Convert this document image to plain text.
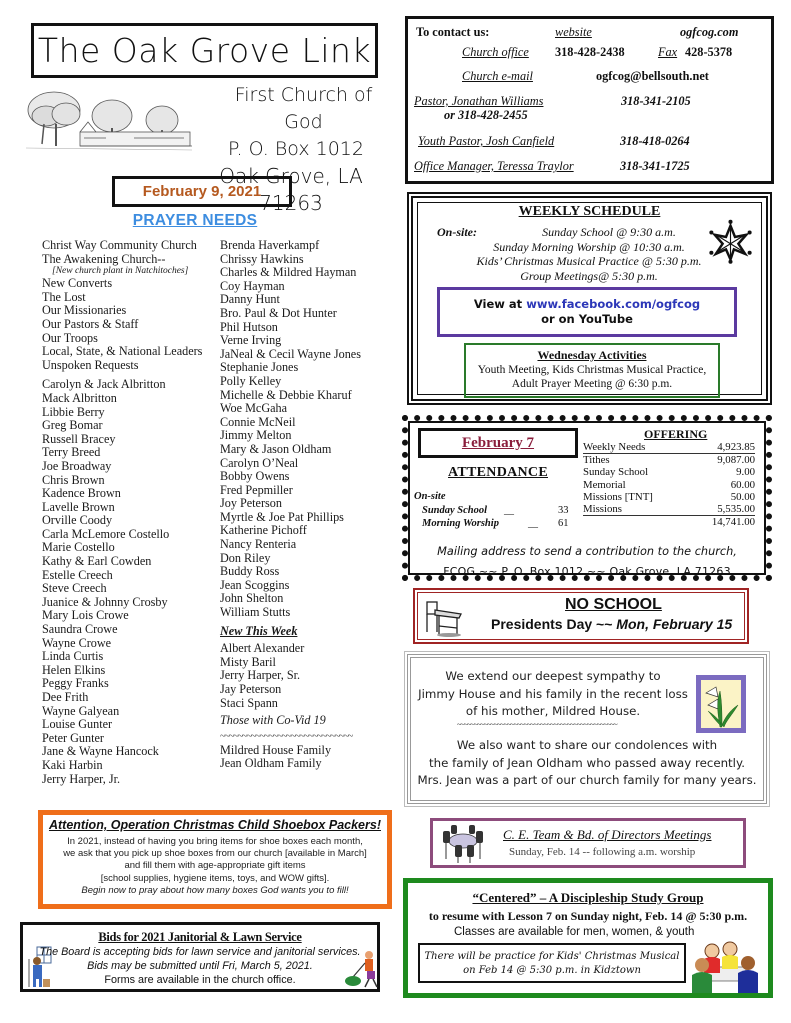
The Oak Grove Link
First Church of God
P. O. Box 1012
Oak Grove, LA 71263
February 9, 2021
PRAYER NEEDS
Christ Way Community Church
The Awakening Church--
[New church plant in Natchitoches]
New Converts
The Lost
Our Missionaries
Our Pastors & Staff
Our Troops
Local, State, & National Leaders
Unspoken Requests
Carolyn & Jack Albritton
Mack Albritton
Libbie Berry
Greg Bomar
Russell Bracey
Terry Breed
Joe Broadway
Chris Brown
Kadence Brown
Lavelle Brown
Orville Coody
Carla McLemore Costello
Marie Costello
Kathy & Earl Cowden
Estelle Creech
Steve Creech
Juanice & Johnny Crosby
Mary Lois Crowe
Saundra Crowe
Wayne Crowe
Linda Curtis
Helen Elkins
Peggy Franks
Dee Frith
Wayne Galyean
Louise Gunter
Peter Gunter
Jane & Wayne Hancock
Kaki Harbin
Jerry Harper, Jr.
Brenda Haverkampf
Chrissy Hawkins
Charles & Mildred Hayman
Coy Hayman
Danny Hunt
Bro. Paul & Dot Hunter
Phil Hutson
Verne Irving
JaNeal & Cecil Wayne Jones
Stephanie Jones
Polly Kelley
Michelle & Debbie Kharuf
Woe McGaha
Connie McNeil
Jimmy Melton
Mary & Jason Oldham
Carolyn O’Neal
Bobby Owens
Fred Pepmiller
Joy Peterson
Myrtle & Joe Pat Phillips
Katherine Pichoff
Nancy Renteria
Don Riley
Buddy Ross
Jean Scoggins
John Shelton
William Stutts
New This Week
Albert Alexander
Misty Baril
Jerry Harper, Sr.
Jay Peterson
Staci Spann
Those with Co-Vid 19
~~~~~~~~~~~~~~~~~~~~~~~~~~~~~~
Mildred House Family
Jean Oldham Family
To contact us:	website	ogfcog.com
Church office 318-428-2438	Fax 428-5378
Church e-mail	ogfcog@bellsouth.net
Pastor, Jonathan Williams	318-341-2105
or 318-428-2455
Youth Pastor, Josh Canfield	318-418-0264
Office Manager, Teressa Traylor	318-341-1725
WEEKLY SCHEDULE
On-site:	Sunday School @ 9:30 a.m.
Sunday Morning Worship @ 10:30 a.m.
Kids’ Christmas Musical Practice @ 5:30 p.m.
Group Meetings@ 5:30 p.m.
View at www.facebook.com/ogfcog
or on YouTube
Wednesday Activities
Youth Meeting, Kids Christmas Musical Practice,
Adult Prayer Meeting @ 6:30 p.m.
February 7
ATTENDANCE
On-site
Sunday School __	33
Morning Worship	__ 61
OFFERING
Weekly Needs	4,923.85
Tithes	9,087.00
Sunday School	9.00
Memorial	60.00
Missions [TNT]	50.00
Missions	5,535.00
14,741.00
Mailing address to send a contribution to the church,
FCOG ~~ P. O. Box 1012 ~~ Oak Grove, LA 71263
NO SCHOOL
Presidents Day ~~ Mon, February 15
We extend our deepest sympathy to
Jimmy House and his family in the recent loss
of his mother, Mildred House.
~~~~~~~~~~~~~~~~~~~~~~~~~~~~~~~~~~~~~~~~~~~~~~~~
We also want to share our condolences with
the family of Jean Oldham who passed away recently.
Mrs. Jean was a part of our church family for many years.
C. E. Team & Bd. of Directors Meetings
Sunday, Feb. 14 -- following a.m. worship
“Centered” – A Discipleship Study Group
to resume with Lesson 7 on Sunday night, Feb. 14 @ 5:30 p.m.
Classes are available for men, women, & youth
There will be practice for Kids' Christmas Musical
on Feb 14 @ 5:30 p.m. in Kidztown
Attention, Operation Christmas Child Shoebox Packers!
In 2021, instead of having you bring items for shoe boxes each month,
we ask that you pick up shoe boxes from our church [available in March]
and fill them with age-appropriate gift items
[school supplies, hygiene items, toys, and WOW gifts].
Begin now to pray about how many boxes God wants you to fill!
Bids for 2021 Janitorial & Lawn Service
The Board is accepting bids for lawn service and janitorial services.
Bids may be submitted until Fri, March 5, 2021.
Forms are available in the church office.
